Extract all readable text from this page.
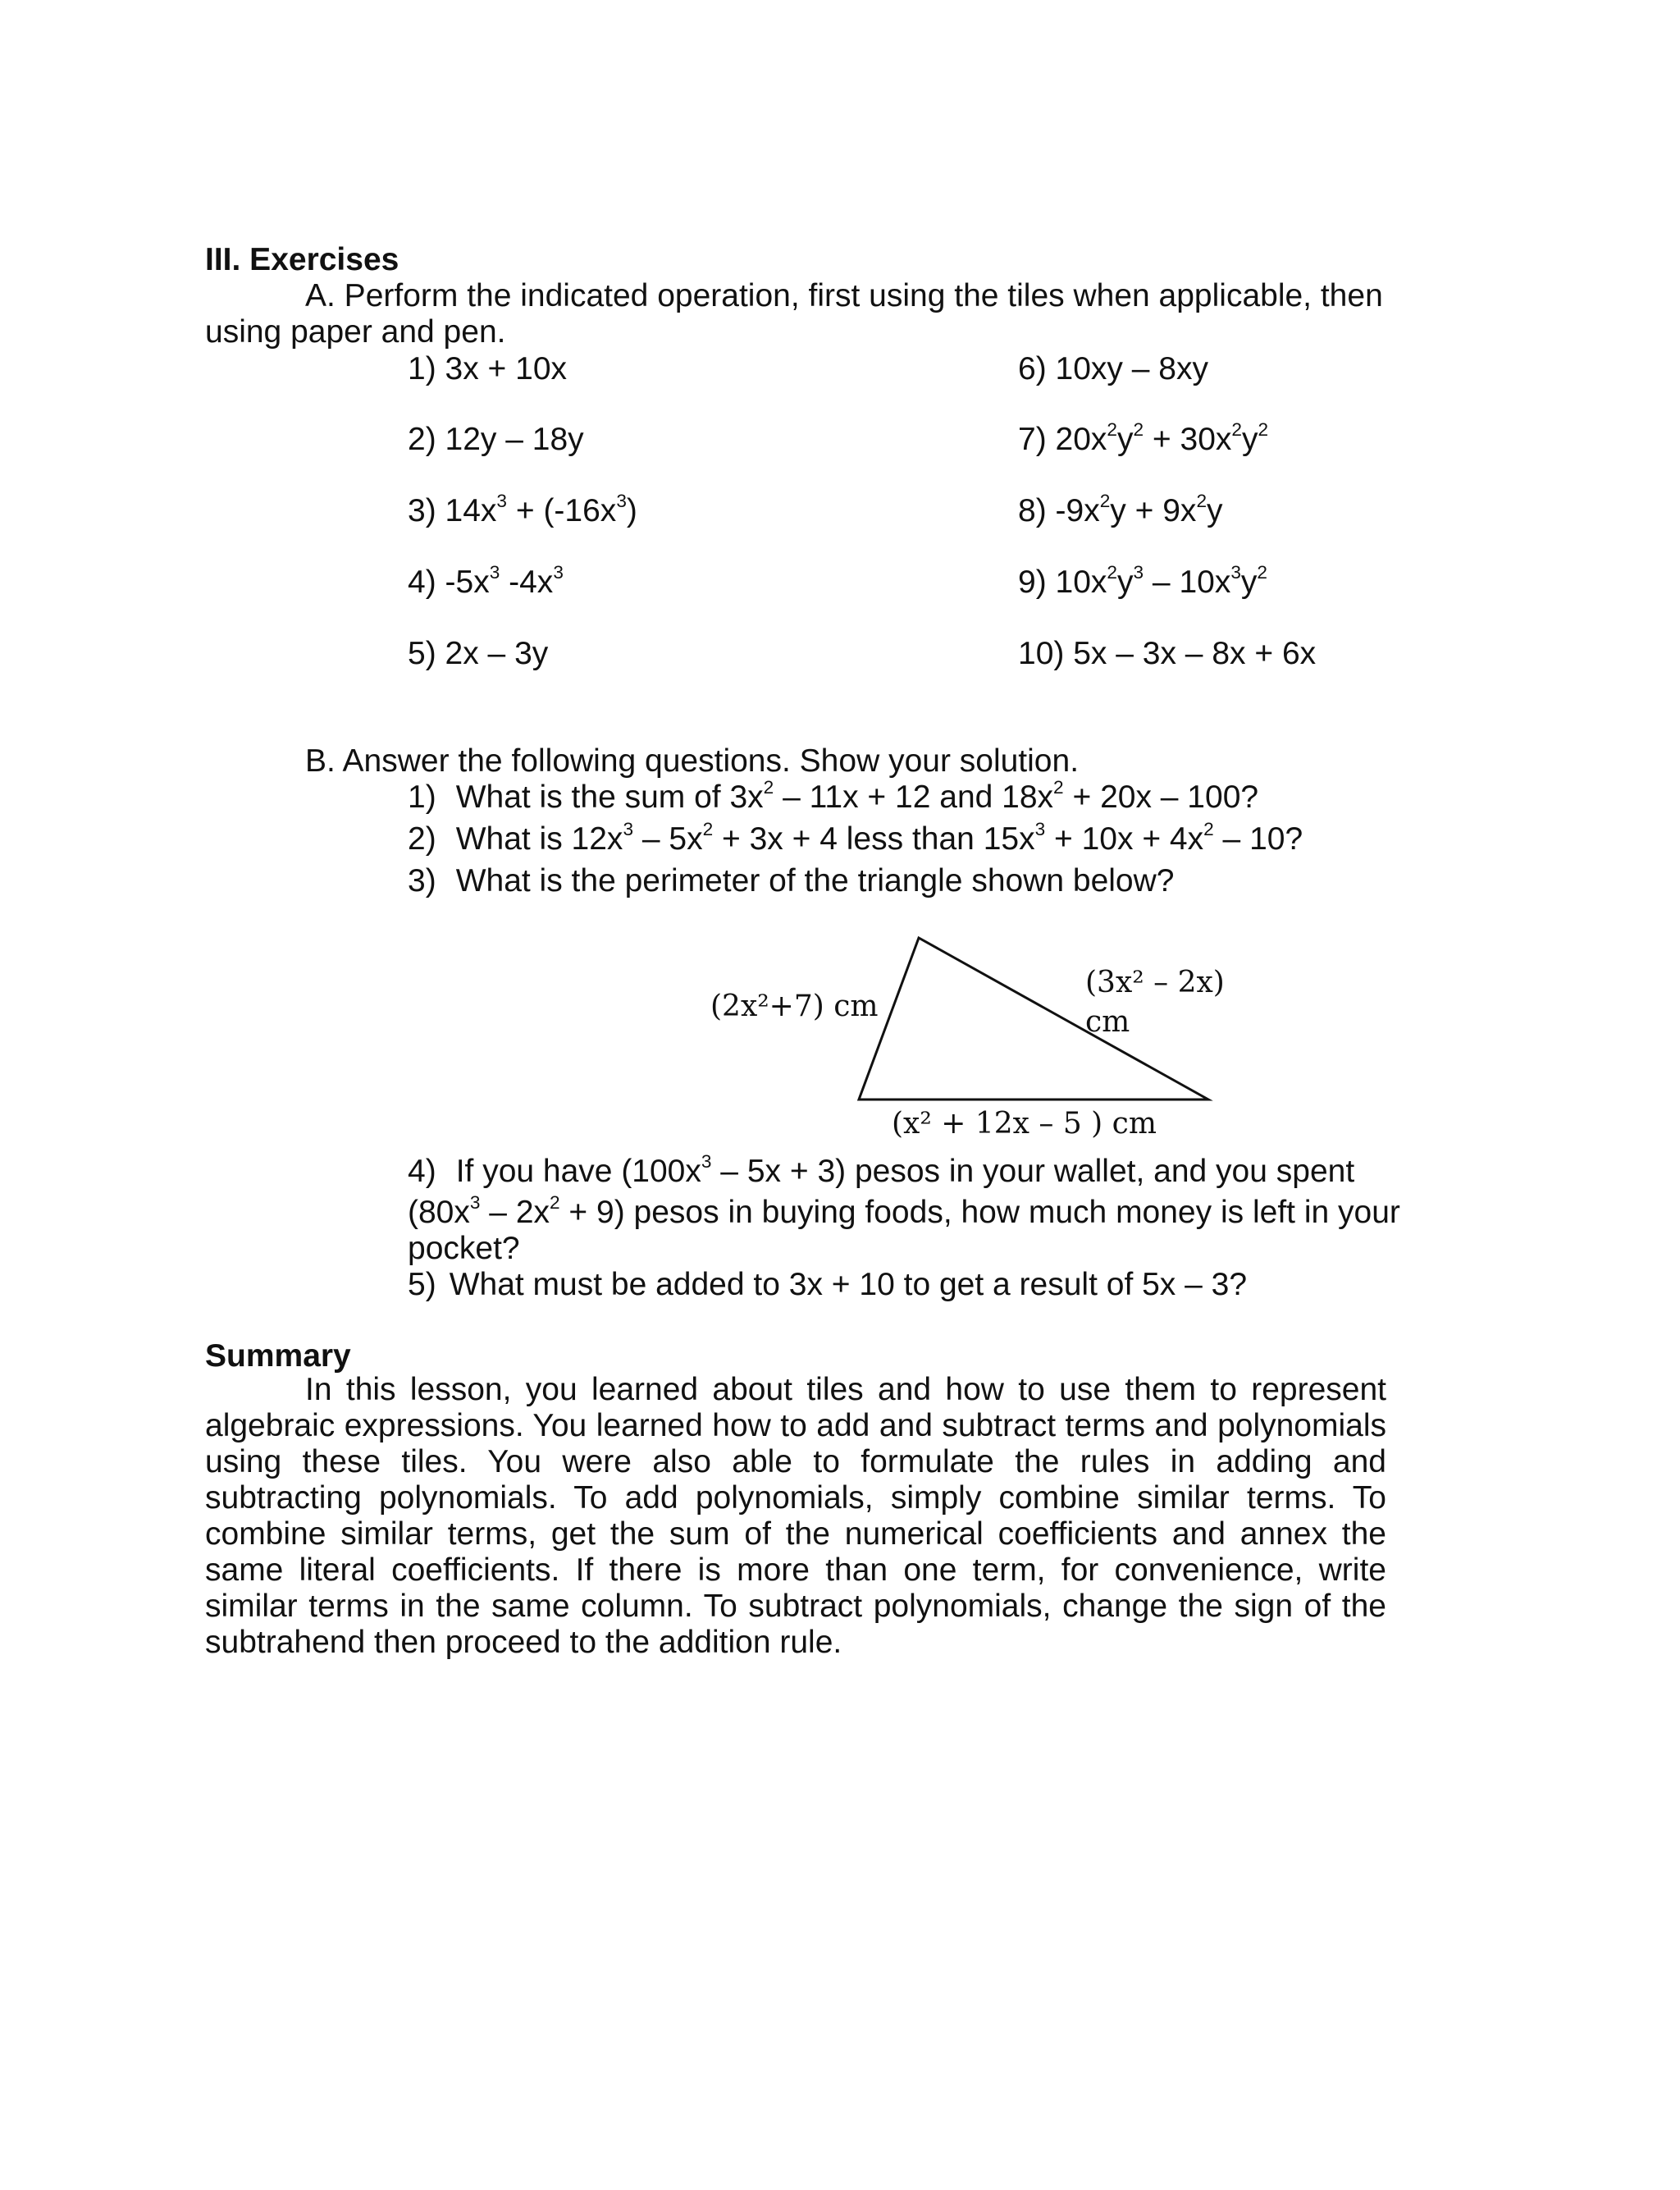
III. Exercises
A. Perform the indicated operation, first using the tiles when applicable, then
using paper and pen.
1) 3x + 10x
2) 12y – 18y
3) $14x^3 + (-16x^3)$
4) $-5x^3$ $-4x^3$
5) 2x – 3y
6) 10xy – 8xy
7) $20x^2y^2 + 30x^2y^2$
8) $-9x^2y + 9x^2y$
9) $10x^2y^3 - 10x^3y^2$
10) 5x – 3x – 8x + 6x
B. Answer the following questions. Show your solution.
1) What is the sum of $3x^2 - 11x + 12$ and $18x^2 + 20x - 100$?
2) What is $12x^3 - 5x^2 + 3x + 4$ less than $15x^3 + 10x + 4x^2 - 10$?
3) What is the perimeter of the triangle shown below?
(2x²+7) cm
(3x² – 2x)
cm
(x² + 12x – 5 ) cm
4) If you have $(100x^3 - 5x + 3)$ pesos in your wallet, and you spent
$(80x^3 - 2x^2 + 9)$ pesos in buying foods, how much money is left in your
pocket?
5) What must be added to 3x + 10 to get a result of 5x – 3?
Summary
In this lesson, you learned about tiles and how to use them to represent algebraic expressions. You learned how to add and subtract terms and polynomials using these tiles. You were also able to formulate the rules in adding and subtracting polynomials. To add polynomials, simply combine similar terms. To combine similar terms, get the sum of the numerical coefficients and annex the same literal coefficients. If there is more than one term, for convenience, write similar terms in the same column. To subtract polynomials, change the sign of the subtrahend then proceed to the addition rule.
